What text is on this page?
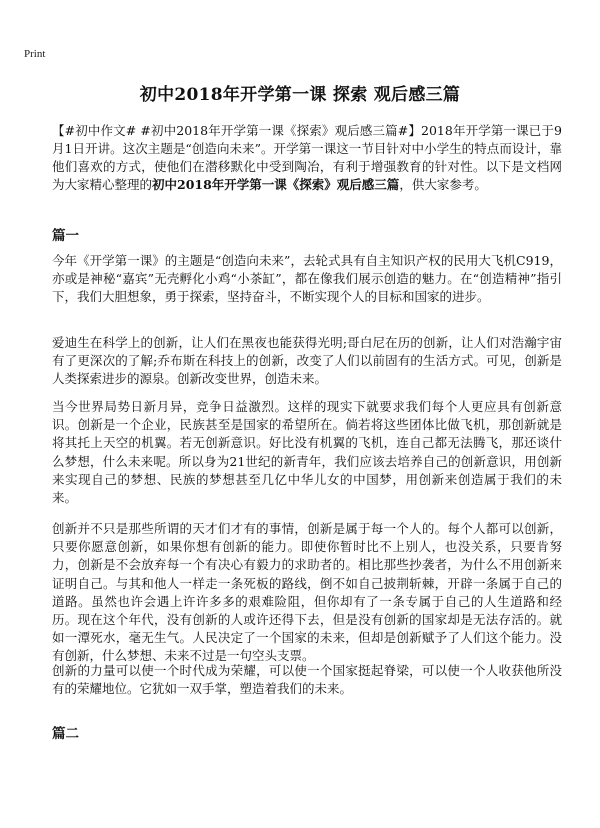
Print
初中2018年开学第一课 探索 观后感三篇
【#初中作文# #初中2018年开学第一课《探索》观后感三篇#】2018年开学第一课已于9月1日开讲。这次主题是“创造向未来”。开学第一课这一节目针对中小学生的特点而设计，靠他们喜欢的方式，使他们在潜移默化中受到陶冶，有利于增强教育的针对性。以下是文档网为大家精心整理的初中2018年开学第一课《探索》观后感三篇，供大家参考。
篇一
今年《开学第一课》的主题是“创造向未来”，去轮式具有自主知识产权的民用大飞机C919，亦或是神秘“嘉宾”无壳孵化小鸡“小茶缸”，都在像我们展示创造的魅力。在“创造精神”指引下，我们大胆想象，勇于探索，坚持奋斗，不断实现个人的目标和国家的进步。
爱迪生在科学上的创新，让人们在黑夜也能获得光明;哥白尼在历的创新，让人们对浩瀚宇宙有了更深次的了解;乔布斯在科技上的创新，改变了人们以前固有的生活方式。可见，创新是人类探索进步的源泉。创新改变世界，创造未来。
当今世界局势日新月异，竞争日益激烈。这样的现实下就要求我们每个人更应具有创新意识。创新是一个企业，民族甚至是国家的希望所在。倘若将这些团体比做飞机，那创新就是将其托上天空的机翼。若无创新意识。好比没有机翼的飞机，连自己都无法腾飞，那还谈什么梦想，什么未来呢。所以身为21世纪的新青年，我们应该去培养自己的创新意识，用创新来实现自己的梦想、民族的梦想甚至几亿中华儿女的中国梦，用创新来创造属于我们的未来。
创新并不只是那些所谓的天才们才有的事情，创新是属于每一个人的。每个人都可以创新，只要你愿意创新，如果你想有创新的能力。即使你暂时比不上别人，也没关系，只要肯努力，创新是不会放弃每一个有决心有毅力的求助者的。相比那些抄袭者，为什么不用创新来证明自己。与其和他人一样走一条死板的路线，倒不如自己披荆斩棘，开辟一条属于自己的道路。虽然也许会遇上许许多多的艰难险阻，但你却有了一条专属于自己的人生道路和经历。现在这个年代，没有创新的人或许还得下去，但是没有创新的国家却是无法存活的。就如一潭死水，毫无生气。人民决定了一个国家的未来，但却是创新赋予了人们这个能力。没有创新，什么梦想、未来不过是一句空头支票。
创新的力量可以使一个时代成为荣耀，可以使一个国家挺起脊梁，可以使一个人收获他所没有的荣耀地位。它犹如一双手掌，塑造着我们的未来。
篇二
